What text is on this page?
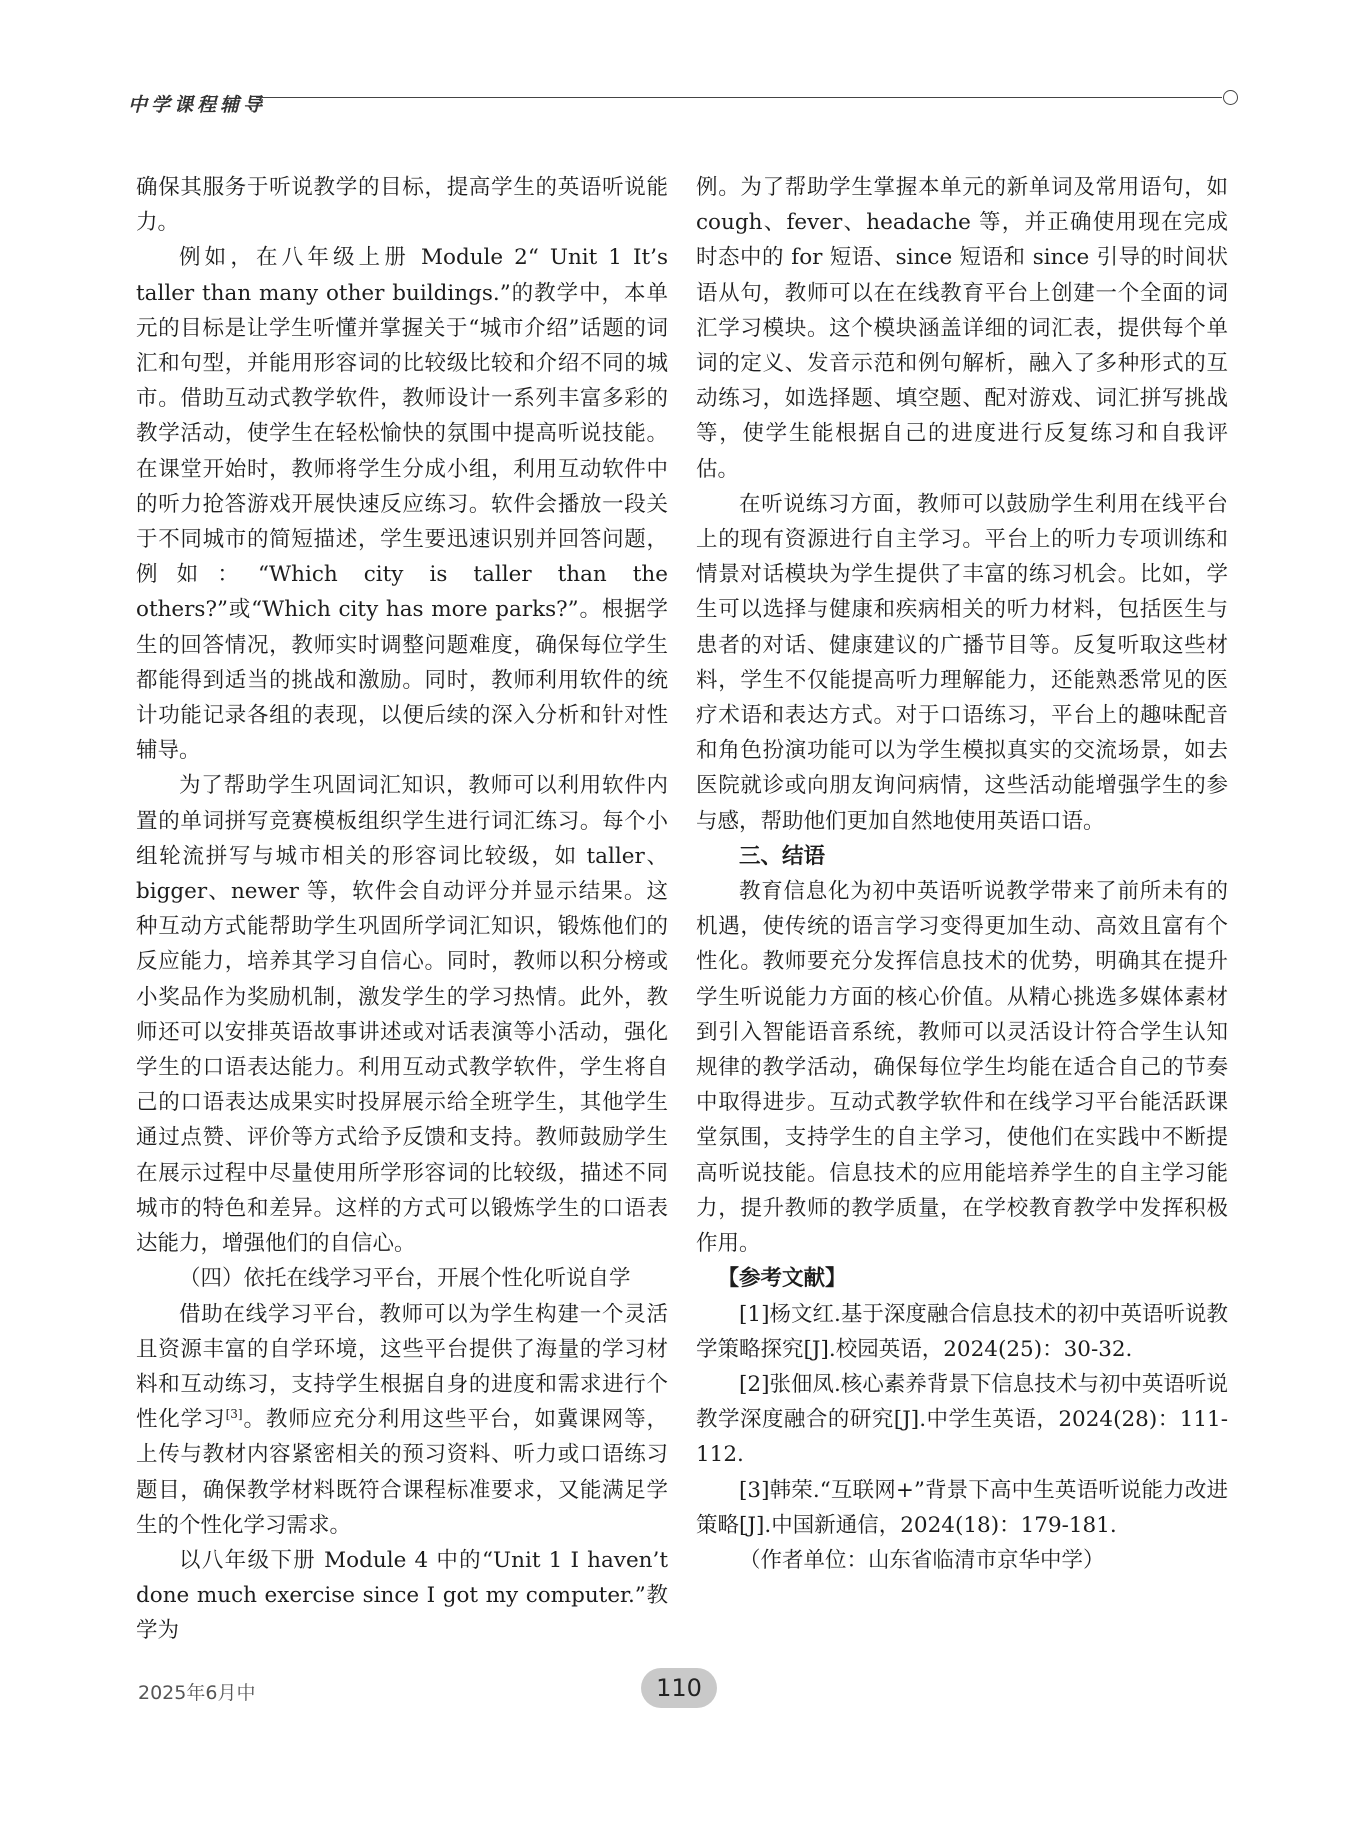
中学课程辅导

确保其服务于听说教学的目标，提高学生的英语听说能力。

例如，在八年级上册 Module 2“ Unit 1 It’s taller than many other buildings.”的教学中，本单元的目标是让学生听懂并掌握关于“城市介绍”话题的词汇和句型，并能用形容词的比较级比较和介绍不同的城市。借助互动式教学软件，教师设计一系列丰富多彩的教学活动，使学生在轻松愉快的氛围中提高听说技能。在课堂开始时，教师将学生分成小组，利用互动软件中的听力抢答游戏开展快速反应练习。软件会播放一段关于不同城市的简短描述，学生要迅速识别并回答问题，例如：“Which city is taller than the others?”或“Which city has more parks?”。根据学生的回答情况，教师实时调整问题难度，确保每位学生都能得到适当的挑战和激励。同时，教师利用软件的统计功能记录各组的表现，以便后续的深入分析和针对性辅导。

为了帮助学生巩固词汇知识，教师可以利用软件内置的单词拼写竞赛模板组织学生进行词汇练习。每个小组轮流拼写与城市相关的形容词比较级，如 taller、bigger、newer 等，软件会自动评分并显示结果。这种互动方式能帮助学生巩固所学词汇知识，锻炼他们的反应能力，培养其学习自信心。同时，教师以积分榜或小奖品作为奖励机制，激发学生的学习热情。此外，教师还可以安排英语故事讲述或对话表演等小活动，强化学生的口语表达能力。利用互动式教学软件，学生将自己的口语表达成果实时投屏展示给全班学生，其他学生通过点赞、评价等方式给予反馈和支持。教师鼓励学生在展示过程中尽量使用所学形容词的比较级，描述不同城市的特色和差异。这样的方式可以锻炼学生的口语表达能力，增强他们的自信心。

（四）依托在线学习平台，开展个性化听说自学

借助在线学习平台，教师可以为学生构建一个灵活且资源丰富的自学环境，这些平台提供了海量的学习材料和互动练习，支持学生根据自身的进度和需求进行个性化学习[3]。教师应充分利用这些平台，如冀课网等，上传与教材内容紧密相关的预习资料、听力或口语练习题目，确保教学材料既符合课程标准要求，又能满足学生的个性化学习需求。

以八年级下册 Module 4 中的“Unit 1 I haven’t done much exercise since I got my computer.”教学为

例。为了帮助学生掌握本单元的新单词及常用语句，如 cough、fever、headache 等，并正确使用现在完成时态中的 for 短语、since 短语和 since 引导的时间状语从句，教师可以在在线教育平台上创建一个全面的词汇学习模块。这个模块涵盖详细的词汇表，提供每个单词的定义、发音示范和例句解析，融入了多种形式的互动练习，如选择题、填空题、配对游戏、词汇拼写挑战等，使学生能根据自己的进度进行反复练习和自我评估。

在听说练习方面，教师可以鼓励学生利用在线平台上的现有资源进行自主学习。平台上的听力专项训练和情景对话模块为学生提供了丰富的练习机会。比如，学生可以选择与健康和疾病相关的听力材料，包括医生与患者的对话、健康建议的广播节目等。反复听取这些材料，学生不仅能提高听力理解能力，还能熟悉常见的医疗术语和表达方式。对于口语练习，平台上的趣味配音和角色扮演功能可以为学生模拟真实的交流场景，如去医院就诊或向朋友询问病情，这些活动能增强学生的参与感，帮助他们更加自然地使用英语口语。

三、结语

教育信息化为初中英语听说教学带来了前所未有的机遇，使传统的语言学习变得更加生动、高效且富有个性化。教师要充分发挥信息技术的优势，明确其在提升学生听说能力方面的核心价值。从精心挑选多媒体素材到引入智能语音系统，教师可以灵活设计符合学生认知规律的教学活动，确保每位学生均能在适合自己的节奏中取得进步。互动式教学软件和在线学习平台能活跃课堂氛围，支持学生的自主学习，使他们在实践中不断提高听说技能。信息技术的应用能培养学生的自主学习能力，提升教师的教学质量，在学校教育教学中发挥积极作用。

【参考文献】

[1]杨文红.基于深度融合信息技术的初中英语听说教学策略探究[J].校园英语，2024(25)：30-32.

[2]张佃凤.核心素养背景下信息技术与初中英语听说教学深度融合的研究[J].中学生英语，2024(28)：111-112.

[3]韩荣.“互联网+”背景下高中生英语听说能力改进策略[J].中国新通信，2024(18)：179-181.

（作者单位：山东省临清市京华中学）

2025年6月中	110
